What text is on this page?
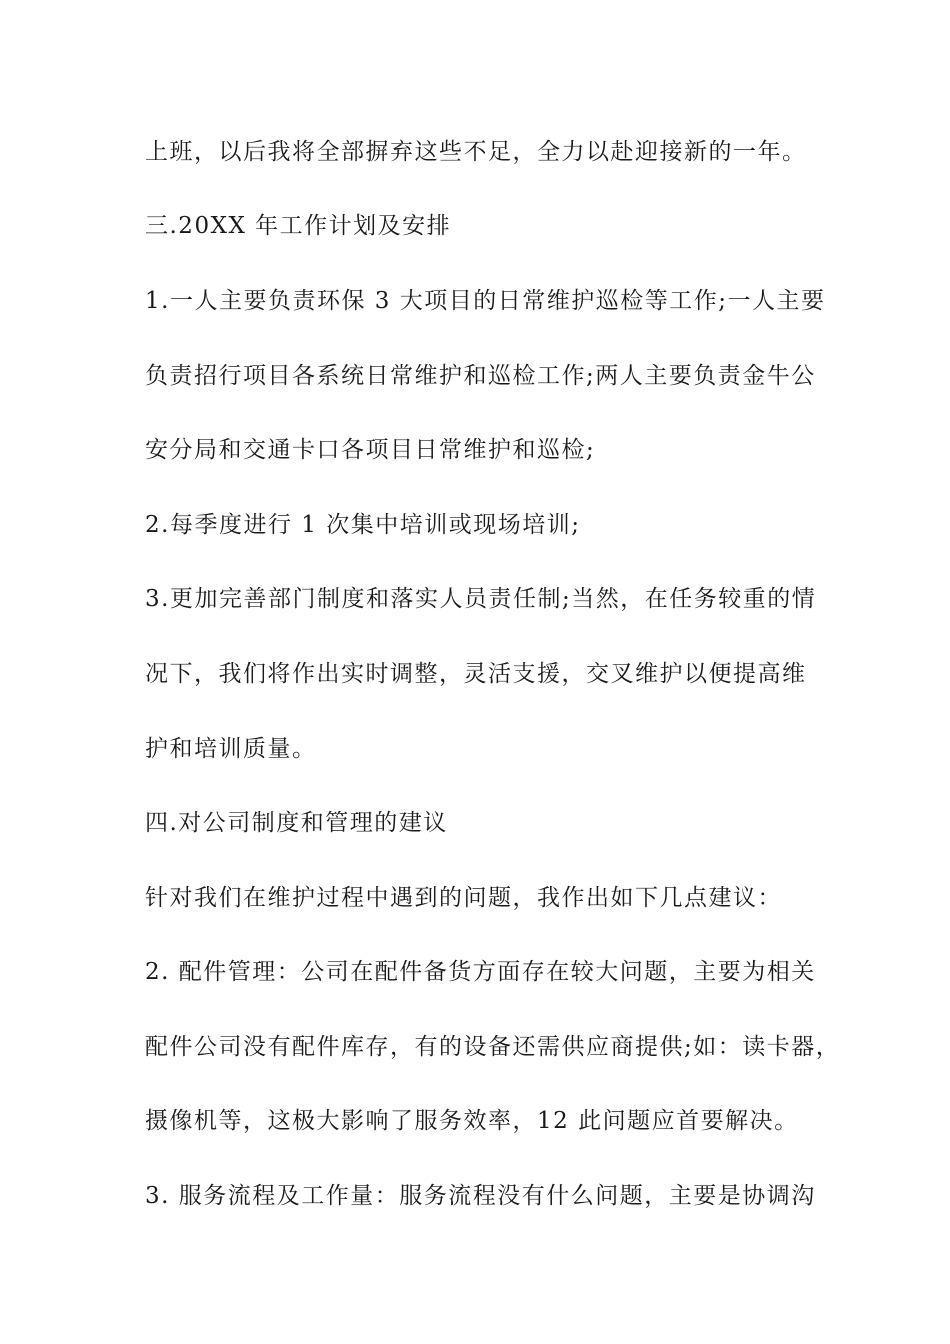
上班，以后我将全部摒弃这些不足，全力以赴迎接新的一年。
三.20XX 年工作计划及安排
1.一人主要负责环保 3 大项目的日常维护巡检等工作;一人主要
负责招行项目各系统日常维护和巡检工作;两人主要负责金牛公
安分局和交通卡口各项目日常维护和巡检;
2.每季度进行 1 次集中培训或现场培训;
3.更加完善部门制度和落实人员责任制;当然，在任务较重的情
况下，我们将作出实时调整，灵活支援，交叉维护以便提高维
护和培训质量。
四.对公司制度和管理的建议
针对我们在维护过程中遇到的问题，我作出如下几点建议：
2. 配件管理：公司在配件备货方面存在较大问题，主要为相关
配件公司没有配件库存，有的设备还需供应商提供;如：读卡器，
摄像机等，这极大影响了服务效率，12 此问题应首要解决。
3. 服务流程及工作量：服务流程没有什么问题，主要是协调沟
